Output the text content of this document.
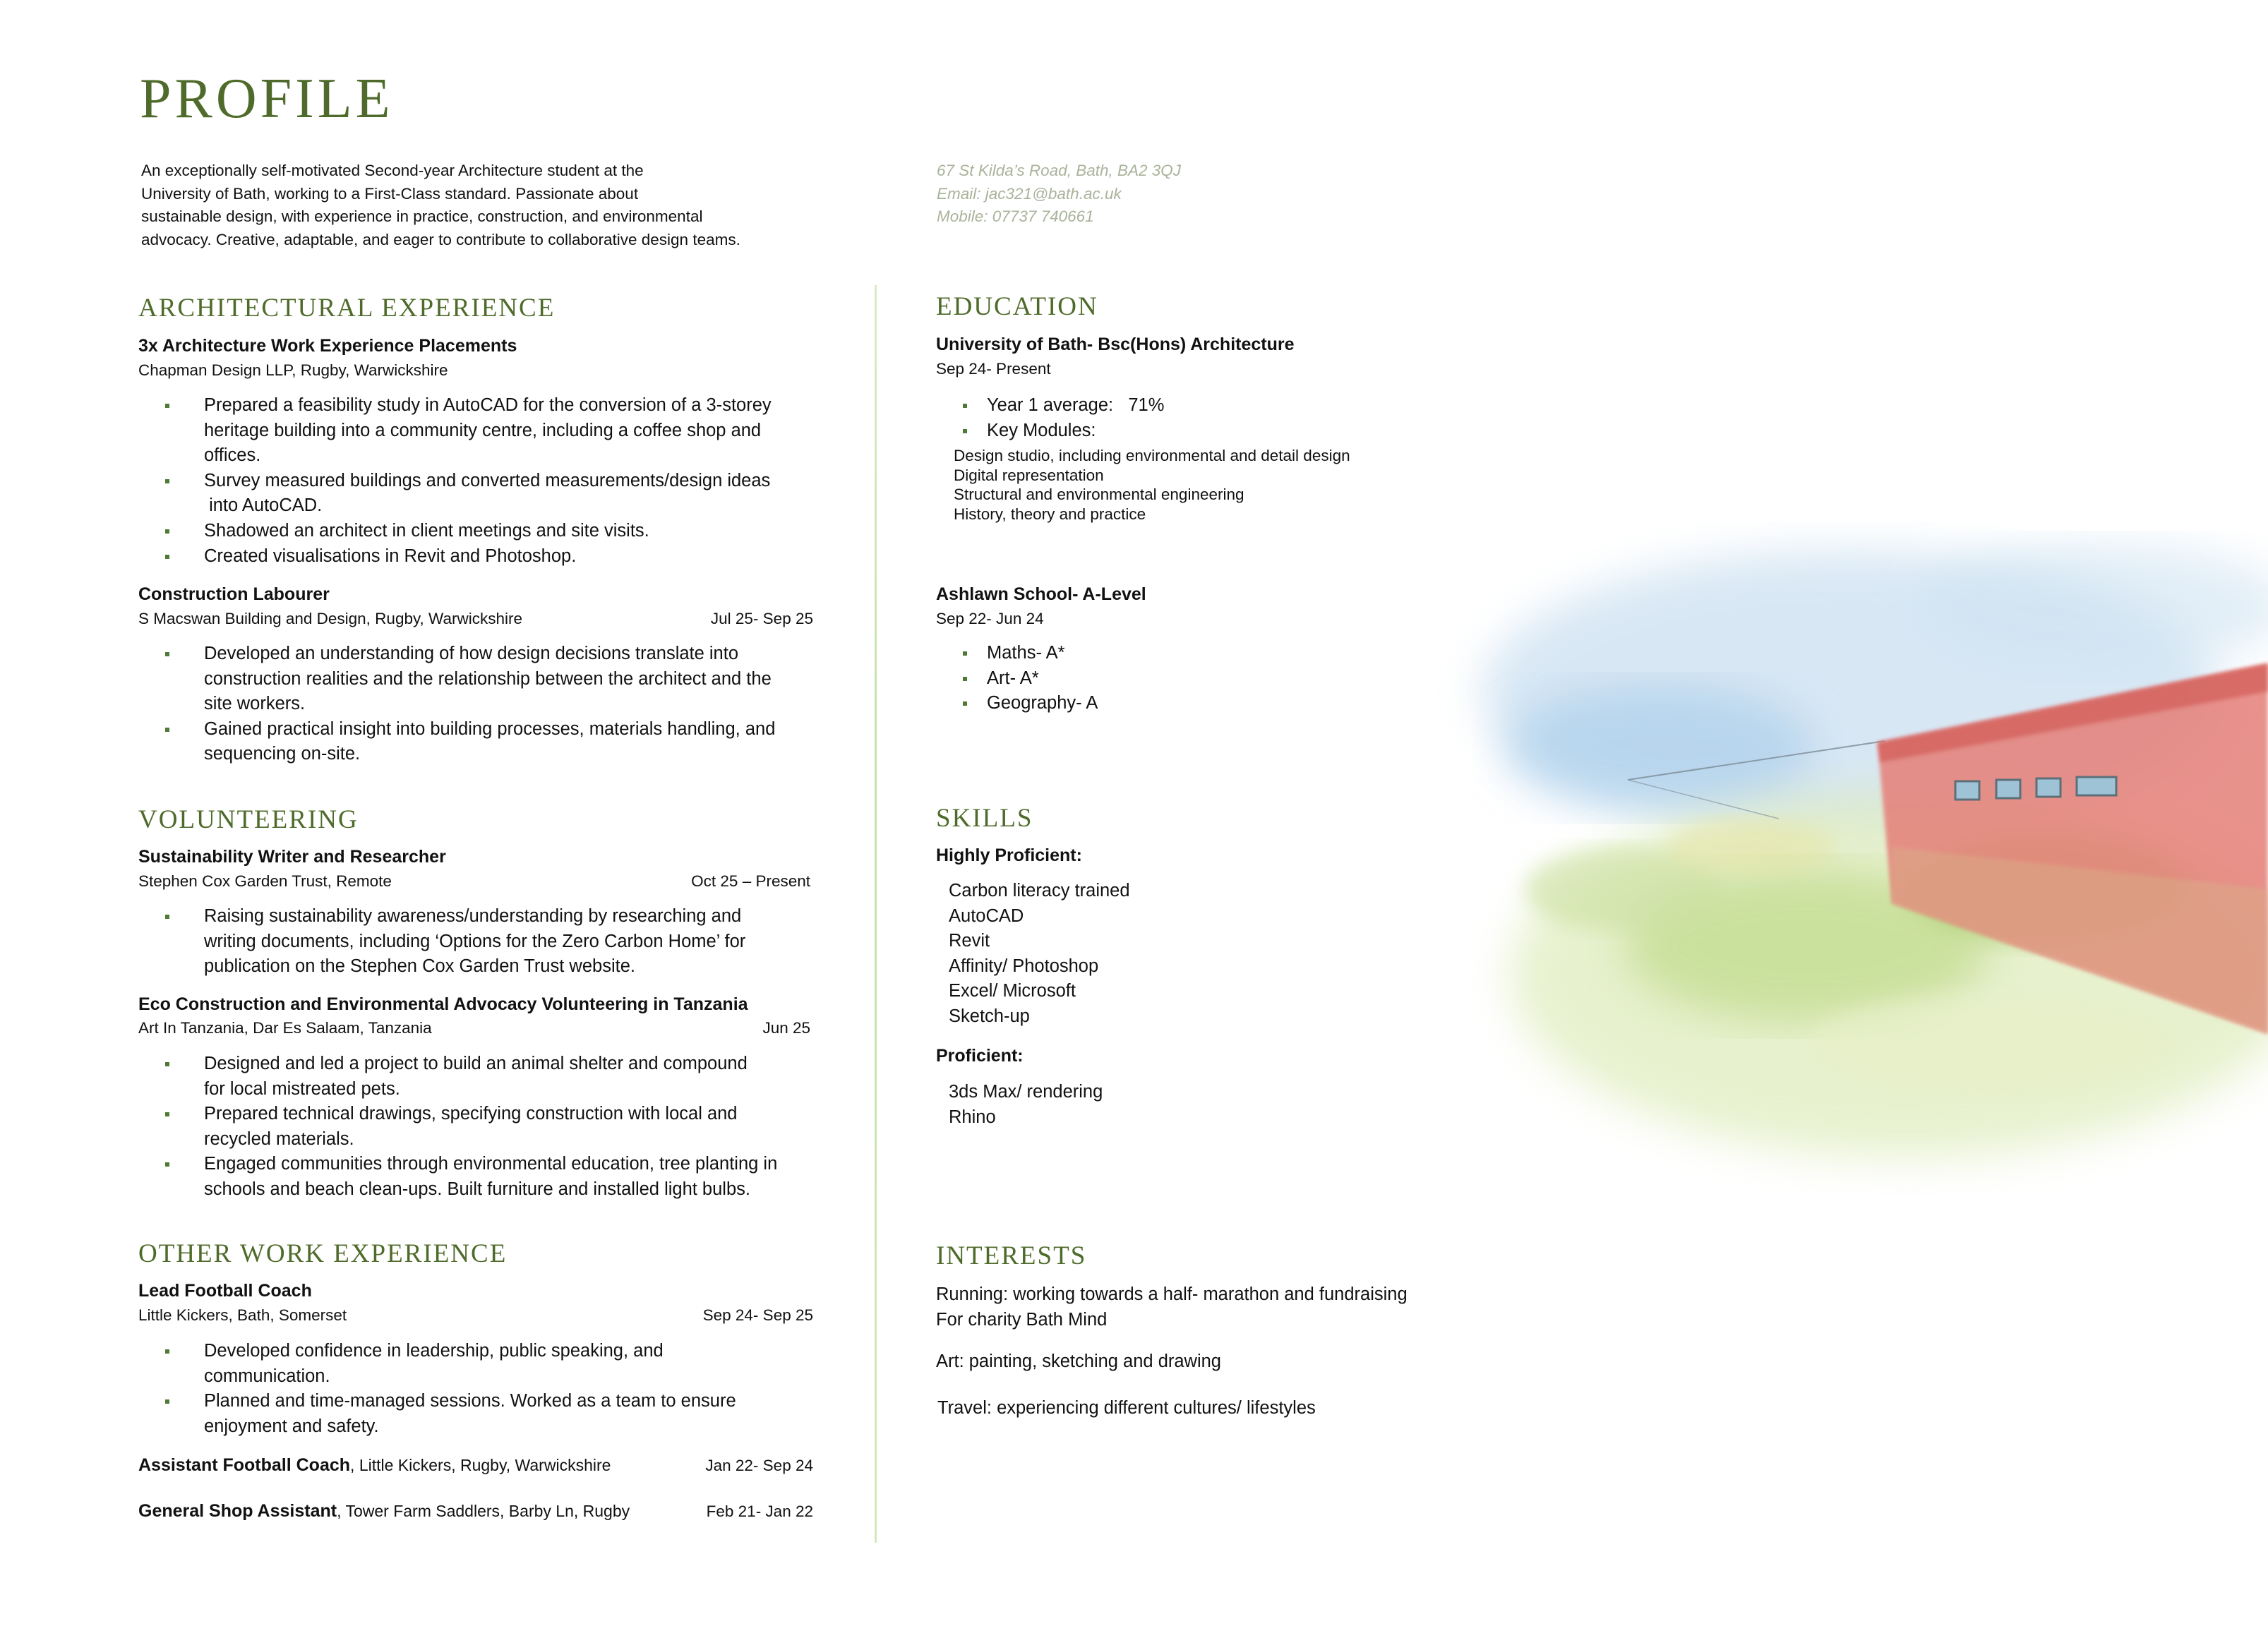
PROFILE
An exceptionally self-motivated Second-year Architecture student at the
University of Bath, working to a First-Class standard. Passionate about
sustainable design, with experience in practice, construction, and environmental
advocacy. Creative, adaptable, and eager to contribute to collaborative design teams.
67 St Kilda’s Road, Bath, BA2 3QJ
Email: jac321@bath.ac.uk
Mobile: 07737 740661
ARCHITECTURAL EXPERIENCE
3x Architecture Work Experience Placements
Chapman Design LLP, Rugby, Warwickshire
Prepared a feasibility study in AutoCAD for the conversion of a 3-storey
heritage building into a community centre, including a coffee shop and
offices.
Survey measured buildings and converted measurements/design ideas
into AutoCAD.
Shadowed an architect in client meetings and site visits.
Created visualisations in Revit and Photoshop.
Construction Labourer
S Macswan Building and Design, Rugby, Warwickshire	Jul 25- Sep 25
Developed an understanding of how design decisions translate into
construction realities and the relationship between the architect and the
site workers.
Gained practical insight into building processes, materials handling, and
sequencing on-site.
VOLUNTEERING
Sustainability Writer and Researcher
Stephen Cox Garden Trust, Remote	Oct 25 – Present
Raising sustainability awareness/understanding by researching and
writing documents, including ‘Options for the Zero Carbon Home’ for
publication on the Stephen Cox Garden Trust website.
Eco Construction and Environmental Advocacy Volunteering in Tanzania
Art In Tanzania, Dar Es Salaam, Tanzania	Jun 25
Designed and led a project to build an animal shelter and compound
for local mistreated pets.
Prepared technical drawings, specifying construction with local and
recycled materials.
Engaged communities through environmental education, tree planting in
schools and beach clean-ups. Built furniture and installed light bulbs.
OTHER WORK EXPERIENCE
Lead Football Coach
Little Kickers, Bath, Somerset	Sep 24- Sep 25
Developed confidence in leadership, public speaking, and
communication.
Planned and time-managed sessions. Worked as a team to ensure
enjoyment and safety.
Assistant Football Coach, Little Kickers, Rugby, Warwickshire	Jan 22- Sep 24
General Shop Assistant, Tower Farm Saddlers, Barby Ln, Rugby	Feb 21- Jan 22
EDUCATION
University of Bath- Bsc(Hons) Architecture
Sep 24- Present
Year 1 average:   71%
Key Modules:
Design studio, including environmental and detail design
Digital representation
Structural and environmental engineering
History, theory and practice
Ashlawn School- A-Level
Sep 22- Jun 24
Maths- A*
Art- A*
Geography- A
SKILLS
Highly Proficient:
Carbon literacy trained
AutoCAD
Revit
Affinity/ Photoshop
Excel/ Microsoft
Sketch-up
Proficient:
3ds Max/ rendering
Rhino
INTERESTS
Running: working towards a half- marathon and fundraising
For charity Bath Mind
Art: painting, sketching and drawing
Travel: experiencing different cultures/ lifestyles
